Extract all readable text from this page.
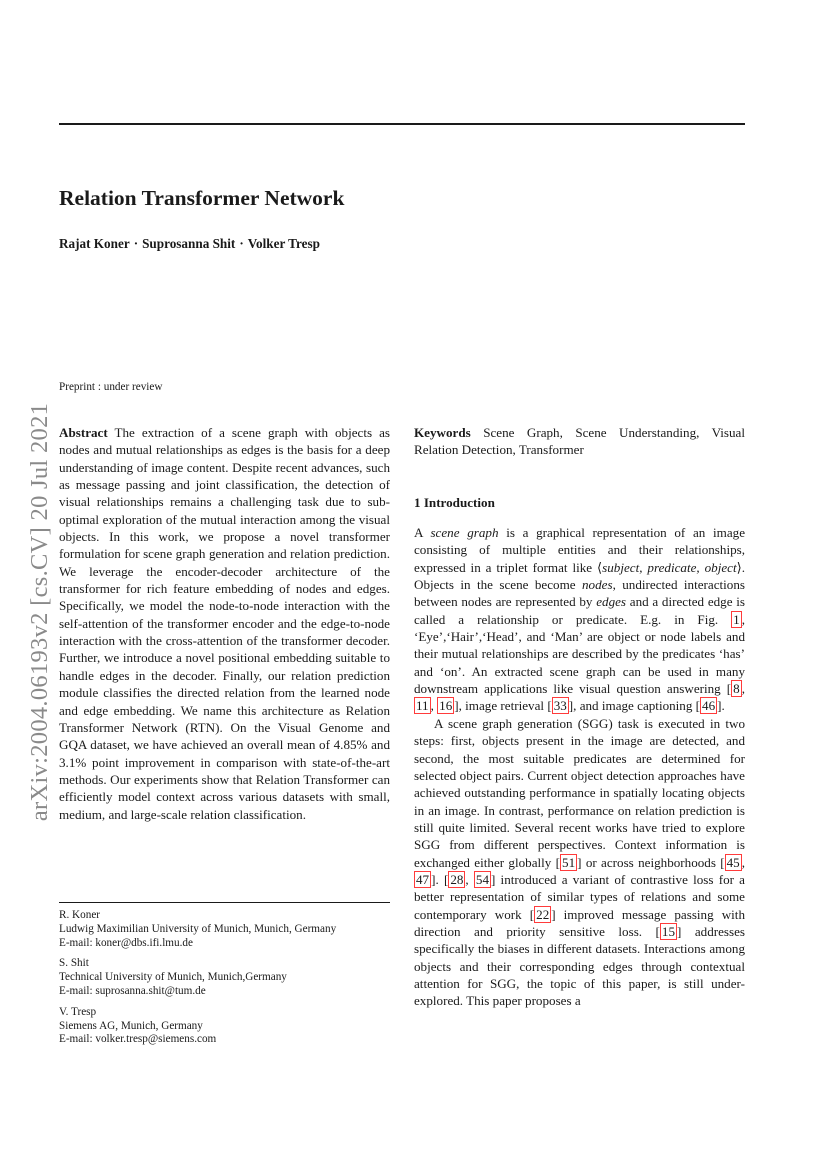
arXiv:2004.06193v2 [cs.CV] 20 Jul 2021
Relation Transformer Network
Rajat Koner · Suprosanna Shit · Volker Tresp
Preprint : under review

Abstract The extraction of a scene graph with objects as nodes and mutual relationships as edges is the basis for a deep understanding of image content. Despite recent advances, such as message passing and joint classification, the detection of visual relationships remains a challenging task due to sub-optimal exploration of the mutual interaction among the visual objects. In this work, we propose a novel transformer formulation for scene graph generation and relation prediction. We leverage the encoder-decoder architecture of the transformer for rich feature embedding of nodes and edges. Specifically, we model the node-to-node interaction with the self-attention of the transformer encoder and the edge-to-node interaction with the cross-attention of the transformer decoder. Further, we introduce a novel positional embedding suitable to handle edges in the decoder. Finally, our relation prediction module classifies the directed relation from the learned node and edge embedding. We name this architecture as Relation Transformer Network (RTN). On the Visual Genome and GQA dataset, we have achieved an overall mean of 4.85% and 3.1% point improvement in comparison with state-of-the-art methods. Our experiments show that Relation Transformer can efficiently model context across various datasets with small, medium, and large-scale relation classification.

Keywords Scene Graph, Scene Understanding, Visual Relation Detection, Transformer

1 Introduction

A scene graph is a graphical representation of an image consisting of multiple entities and their relationships, expressed in a triplet format like ⟨subject, predicate, object⟩. Objects in the scene become nodes, undirected interactions between nodes are represented by edges and a directed edge is called a relationship or predicate. E.g. in Fig. 1 , ‘Eye’,‘Hair’,‘Head’, and ‘Man’ are object or node labels and their mutual relationships are described by the predicates ‘has’ and ‘on’. An extracted scene graph can be used in many downstream applications like visual question answering [ 8 , 11 , 16 ], image retrieval [ 33 ], and image captioning [ 46 ].

A scene graph generation (SGG) task is executed in two steps: first, objects present in the image are detected, and second, the most suitable predicates are determined for selected object pairs. Current object detection approaches have achieved outstanding performance in spatially locating objects in an image. In contrast, performance on relation prediction is still quite limited. Several recent works have tried to explore SGG from different perspectives. Context information is exchanged either globally [ 51 ] or across neighborhoods [ 45 , 47 ]. [ 28 , 54 ] introduced a variant of contrastive loss for a better representation of similar types of relations and some contemporary work [ 22 ] improved message passing with direction and priority sensitive loss. [ 15 ] addresses specifically the biases in different datasets. Interactions among objects and their corresponding edges through contextual attention for SGG, the topic of this paper, is still under-explored. This paper proposes a

R. Koner
Ludwig Maximilian University of Munich, Munich, Germany
E-mail: koner@dbs.ifi.lmu.de
S. Shit
Technical University of Munich, Munich,Germany
E-mail: suprosanna.shit@tum.de
V. Tresp
Siemens AG, Munich, Germany
E-mail: volker.tresp@siemens.com
